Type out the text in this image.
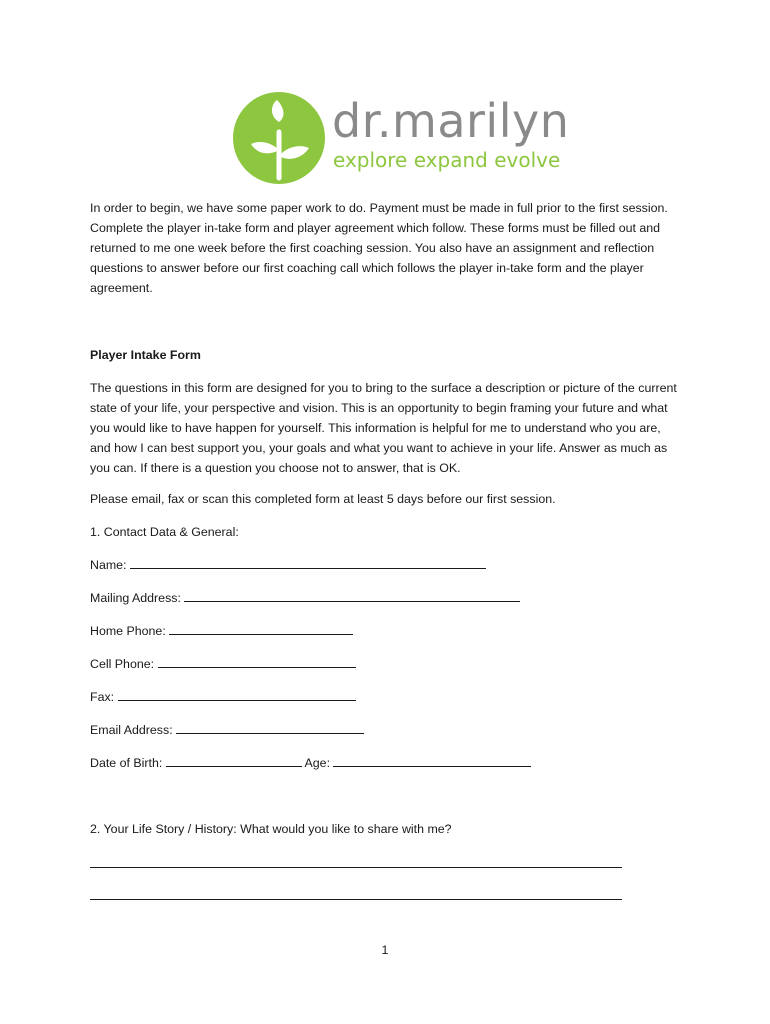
dr.marilyn
explore expand evolve

In order to begin, we have some paper work to do. Payment must be made in full prior to the first session. Complete the player in-take form and player agreement which follow. These forms must be filled out and returned to me one week before the first coaching session. You also have an assignment and reflection questions to answer before our first coaching call which follows the player in-take form and the player agreement.

Player Intake Form

The questions in this form are designed for you to bring to the surface a description or picture of the current state of your life, your perspective and vision. This is an opportunity to begin framing your future and what you would like to have happen for yourself. This information is helpful for me to understand who you are, and how I can best support you, your goals and what you want to achieve in your life. Answer as much as you can. If there is a question you choose not to answer, that is OK.

Please email, fax or scan this completed form at least 5 days before our first session.

1. Contact Data & General:

Name:

Mailing Address:

Home Phone:

Cell Phone:

Fax:

Email Address:

Date of Birth:	Age:

2. Your Life Story / History: What would you like to share with me?

1
